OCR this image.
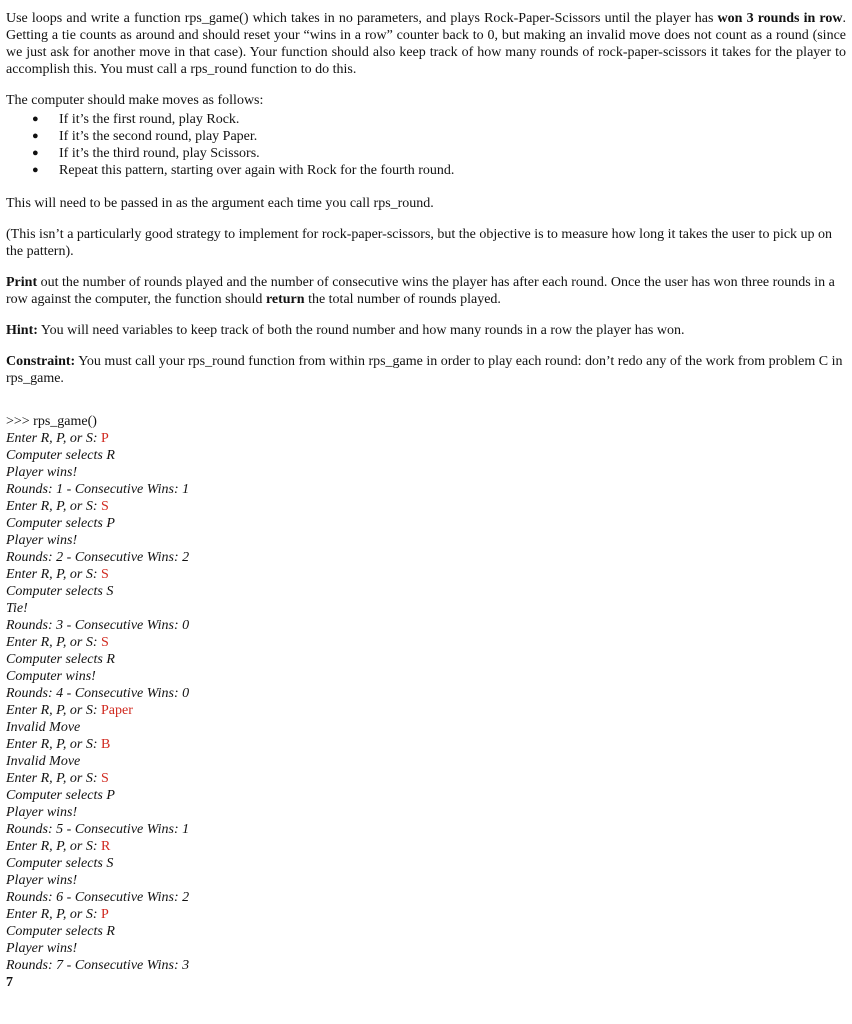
Use loops and write a function rps_game() which takes in no parameters, and plays Rock-Paper-Scissors until the player has won 3 rounds in row. Getting a tie counts as around and should reset your “wins in a row” counter back to 0, but making an invalid move does not count as a round (since we just ask for another move in that case). Your function should also keep track of how many rounds of rock-paper-scissors it takes for the player to accomplish this. You must call a rps_round function to do this.

The computer should make moves as follows:

● If it’s the first round, play Rock.
● If it’s the second round, play Paper.
● If it’s the third round, play Scissors.
● Repeat this pattern, starting over again with Rock for the fourth round.

This will need to be passed in as the argument each time you call rps_round.

(This isn’t a particularly good strategy to implement for rock-paper-scissors, but the objective is to measure how long it takes the user to pick up on the pattern).

Print out the number of rounds played and the number of consecutive wins the player has after each round. Once the user has won three rounds in a row against the computer, the function should return the total number of rounds played.

Hint: You will need variables to keep track of both the round number and how many rounds in a row the player has won.

Constraint: You must call your rps_round function from within rps_game in order to play each round: don’t redo any of the work from problem C in rps_game.

>>> rps_game()
Enter R, P, or S: P
Computer selects R
Player wins!
Rounds: 1 - Consecutive Wins: 1
Enter R, P, or S: S
Computer selects P
Player wins!
Rounds: 2 - Consecutive Wins: 2
Enter R, P, or S: S
Computer selects S
Tie!
Rounds: 3 - Consecutive Wins: 0
Enter R, P, or S: S
Computer selects R
Computer wins!
Rounds: 4 - Consecutive Wins: 0
Enter R, P, or S: Paper
Invalid Move
Enter R, P, or S: B
Invalid Move
Enter R, P, or S: S
Computer selects P
Player wins!
Rounds: 5 - Consecutive Wins: 1
Enter R, P, or S: R
Computer selects S
Player wins!
Rounds: 6 - Consecutive Wins: 2
Enter R, P, or S: P
Computer selects R
Player wins!
Rounds: 7 - Consecutive Wins: 3
7
